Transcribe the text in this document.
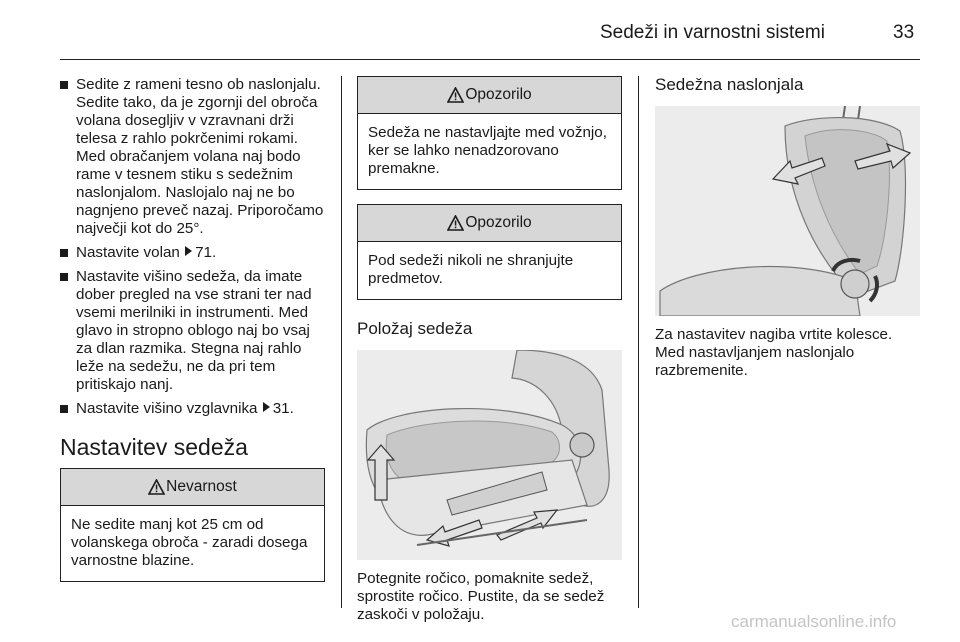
Sedeži in varnostni sistemi	33
Sedite z rameni tesno ob naslonjalu. Sedite tako, da je zgornji del obroča volana dosegljiv v vzravnani drži telesa z rahlo pokrčenimi rokami. Med obračanjem volana naj bodo rame v tesnem stiku s sedežnim naslonjalom. Naslojalo naj ne bo nagnjeno preveč nazaj. Priporočamo največji kot do 25°.
Nastavite volan 71.
Nastavite višino sedeža, da imate dober pregled na vse strani ter nad vsemi merilniki in instrumenti. Med glavo in stropno oblogo naj bo vsaj za dlan razmika. Stegna naj rahlo leže na sedežu, ne da pri tem pritiskajo nanj.
Nastavite višino vzglavnika 31.
Nastavitev sedeža
Nevarnost
Ne sedite manj kot 25 cm od volanskega obroča - zaradi dosega varnostne blazine.
Opozorilo
Sedeža ne nastavljajte med vožnjo, ker se lahko nenadzorovano premakne.
Opozorilo
Pod sedeži nikoli ne shranjujte predmetov.
Položaj sedeža
Potegnite ročico, pomaknite sedež, sprostite ročico. Pustite, da se sedež zaskoči v položaju.
Sedežna naslonjala
Za nastavitev nagiba vrtite kolesce. Med nastavljanjem naslonjalo razbremenite.
carmanualsonline.info
